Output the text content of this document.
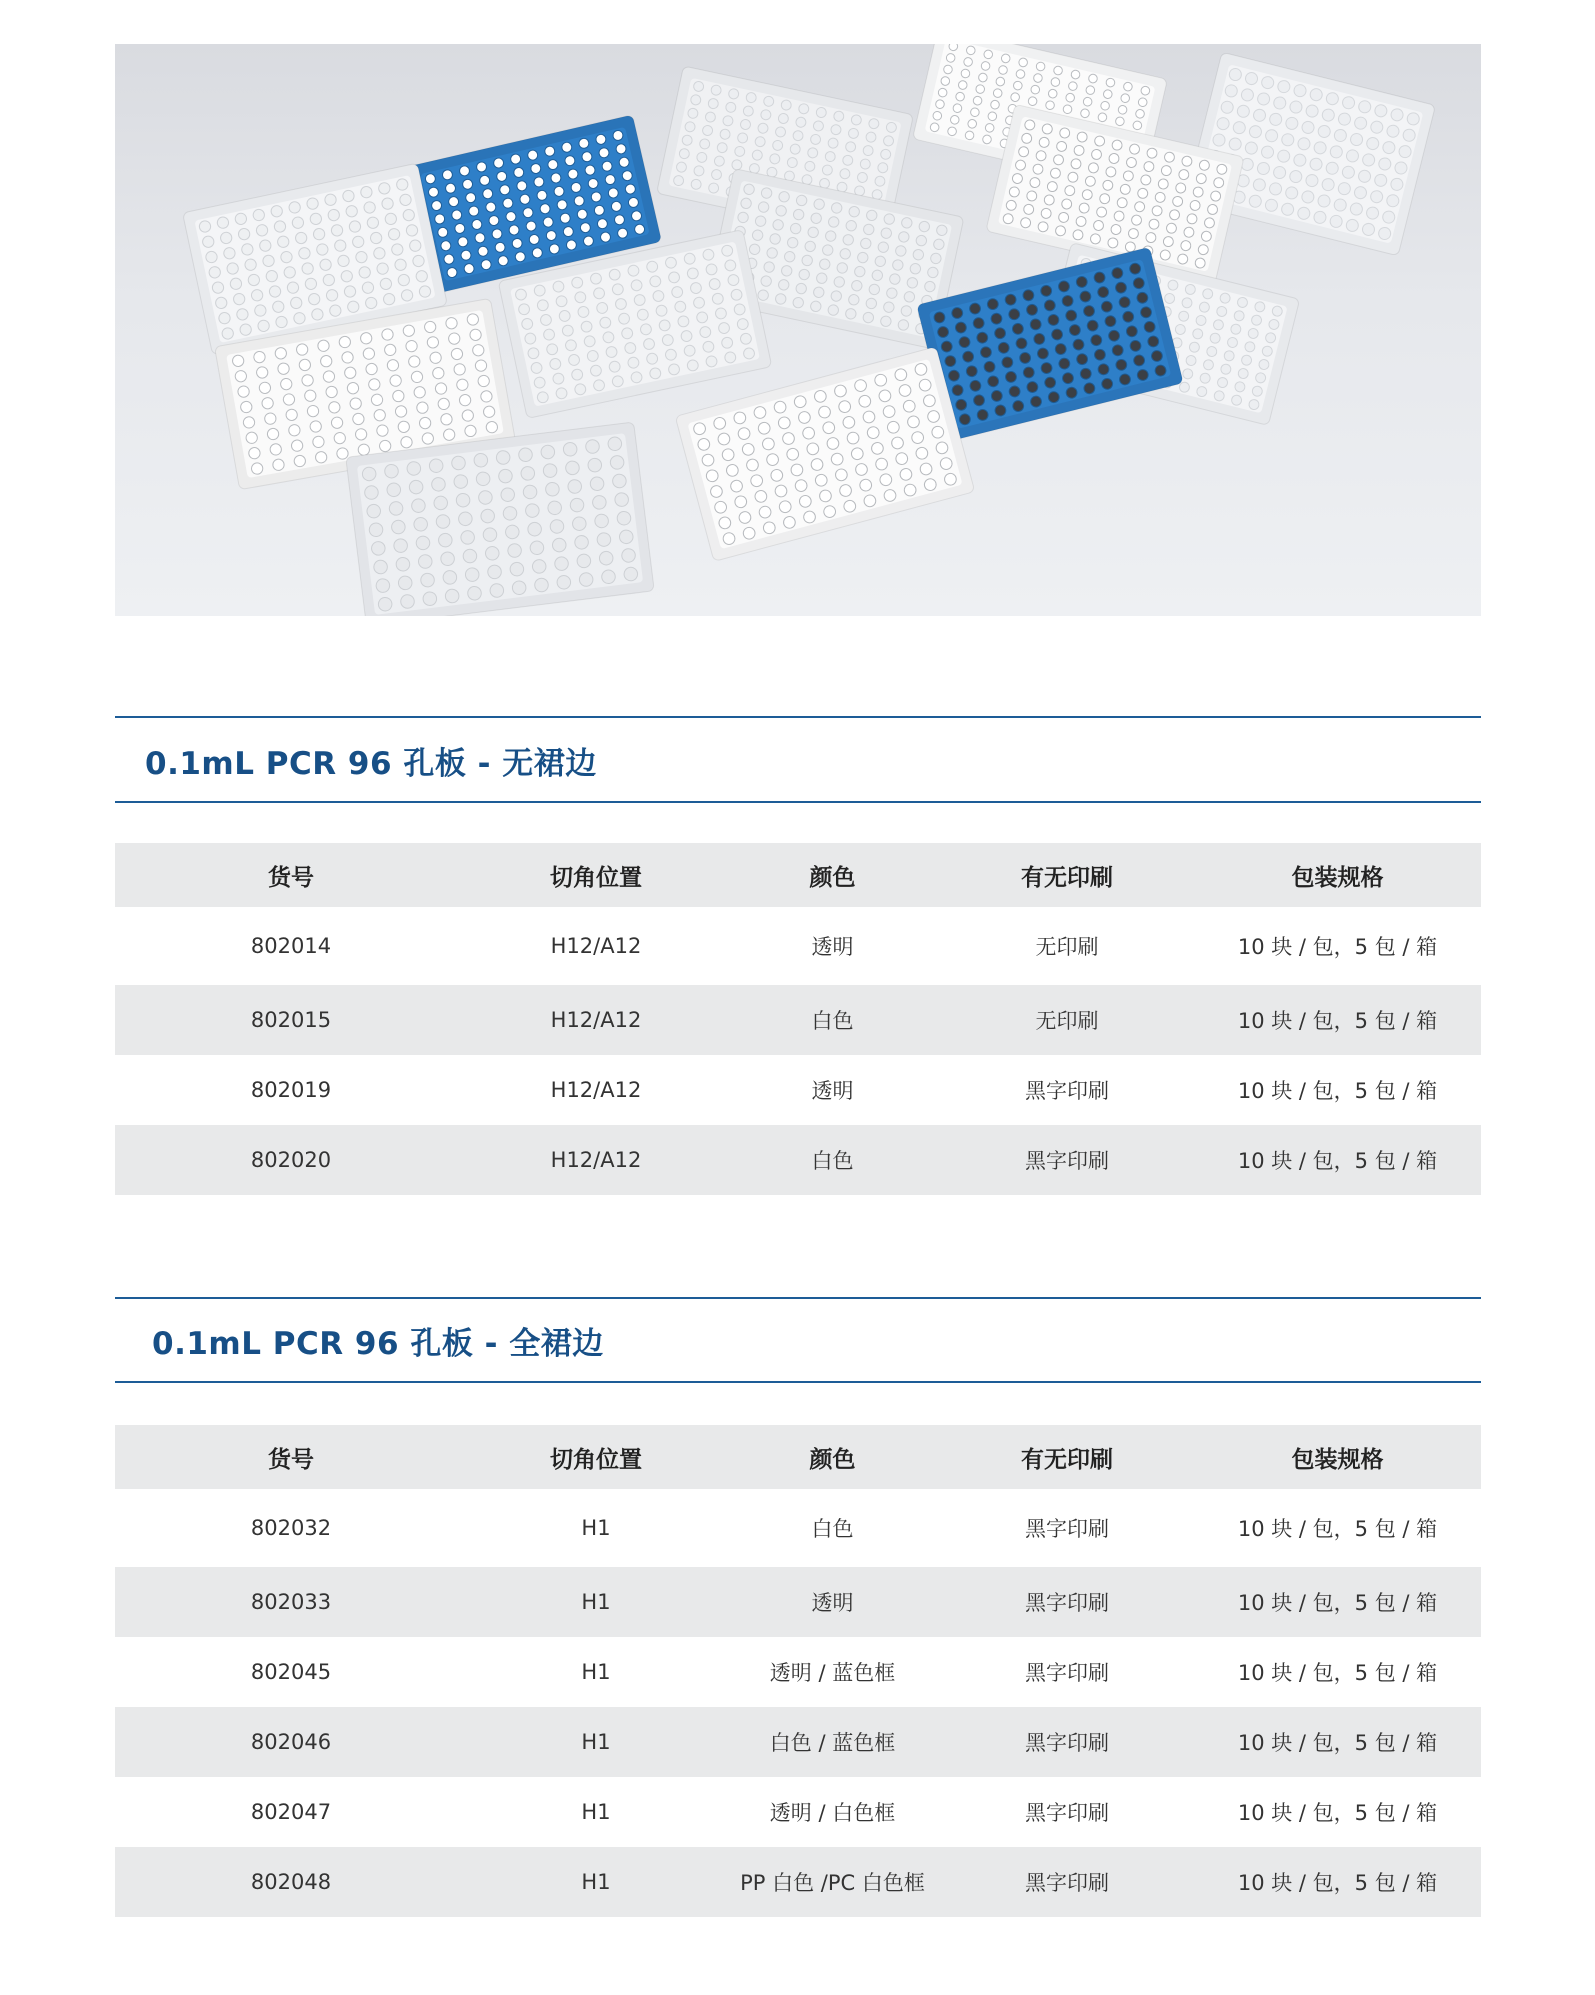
0.1mL PCR 96 孔板 - 无裙边
货号	切角位置	颜色	有无印刷	包装规格
802014	H12/A12	透明	无印刷	10 块 / 包，5 包 / 箱
802015	H12/A12	白色	无印刷	10 块 / 包，5 包 / 箱
802019	H12/A12	透明	黑字印刷	10 块 / 包，5 包 / 箱
802020	H12/A12	白色	黑字印刷	10 块 / 包，5 包 / 箱
0.1mL PCR 96 孔板 - 全裙边
货号	切角位置	颜色	有无印刷	包装规格
802032	H1	白色	黑字印刷	10 块 / 包，5 包 / 箱
802033	H1	透明	黑字印刷	10 块 / 包，5 包 / 箱
802045	H1	透明 / 蓝色框	黑字印刷	10 块 / 包，5 包 / 箱
802046	H1	白色 / 蓝色框	黑字印刷	10 块 / 包，5 包 / 箱
802047	H1	透明 / 白色框	黑字印刷	10 块 / 包，5 包 / 箱
802048	H1	PP 白色 /PC 白色框	黑字印刷	10 块 / 包，5 包 / 箱
